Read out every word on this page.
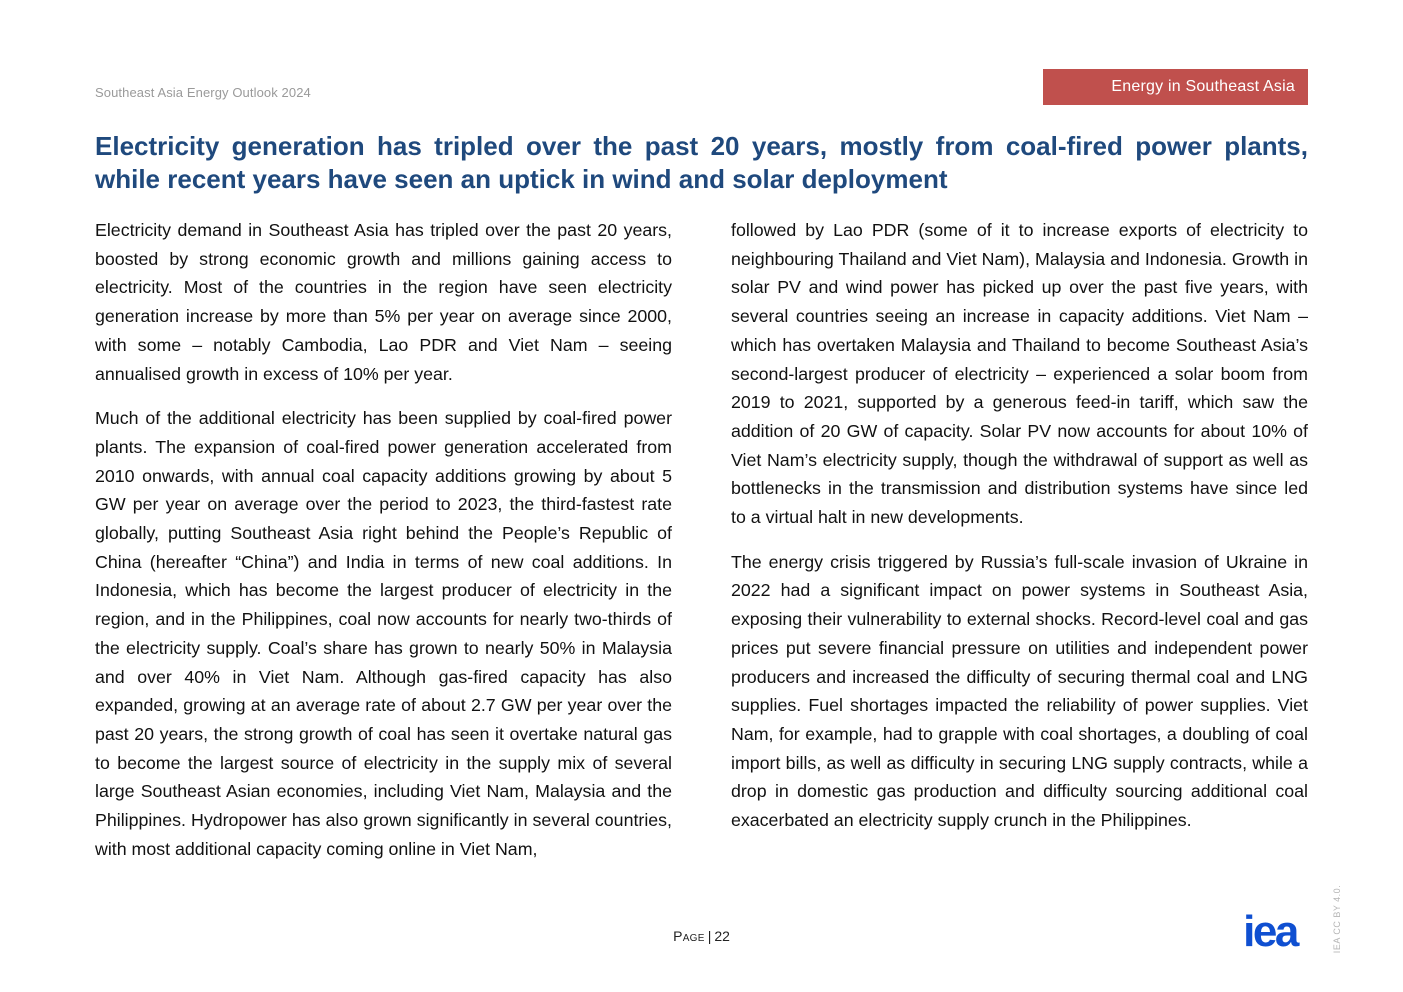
Southeast Asia Energy Outlook 2024	Energy in Southeast Asia
Electricity generation has tripled over the past 20 years, mostly from coal-fired power plants, while recent years have seen an uptick in wind and solar deployment

Electricity demand in Southeast Asia has tripled over the past 20 years, boosted by strong economic growth and millions gaining access to electricity. Most of the countries in the region have seen electricity generation increase by more than 5% per year on average since 2000, with some – notably Cambodia, Lao PDR and Viet Nam – seeing annualised growth in excess of 10% per year.

Much of the additional electricity has been supplied by coal-fired power plants. The expansion of coal-fired power generation accelerated from 2010 onwards, with annual coal capacity additions growing by about 5 GW per year on average over the period to 2023, the third-fastest rate globally, putting Southeast Asia right behind the People’s Republic of China (hereafter “China”) and India in terms of new coal additions. In Indonesia, which has become the largest producer of electricity in the region, and in the Philippines, coal now accounts for nearly two-thirds of the electricity supply. Coal’s share has grown to nearly 50% in Malaysia and over 40% in Viet Nam. Although gas-fired capacity has also expanded, growing at an average rate of about 2.7 GW per year over the past 20 years, the strong growth of coal has seen it overtake natural gas to become the largest source of electricity in the supply mix of several large Southeast Asian economies, including Viet Nam, Malaysia and the Philippines. Hydropower has also grown significantly in several countries, with most additional capacity coming online in Viet Nam,

followed by Lao PDR (some of it to increase exports of electricity to neighbouring Thailand and Viet Nam), Malaysia and Indonesia. Growth in solar PV and wind power has picked up over the past five years, with several countries seeing an increase in capacity additions. Viet Nam – which has overtaken Malaysia and Thailand to become Southeast Asia’s second-largest producer of electricity – experienced a solar boom from 2019 to 2021, supported by a generous feed-in tariff, which saw the addition of 20 GW of capacity. Solar PV now accounts for about 10% of Viet Nam’s electricity supply, though the withdrawal of support as well as bottlenecks in the transmission and distribution systems have since led to a virtual halt in new developments.

The energy crisis triggered by Russia’s full-scale invasion of Ukraine in 2022 had a significant impact on power systems in Southeast Asia, exposing their vulnerability to external shocks. Record-level coal and gas prices put severe financial pressure on utilities and independent power producers and increased the difficulty of securing thermal coal and LNG supplies. Fuel shortages impacted the reliability of power supplies. Viet Nam, for example, had to grapple with coal shortages, a doubling of coal import bills, as well as difficulty in securing LNG supply contracts, while a drop in domestic gas production and difficulty sourcing additional coal exacerbated an electricity supply crunch in the Philippines.

Page | 22	iea	IEA CC BY 4.0.
